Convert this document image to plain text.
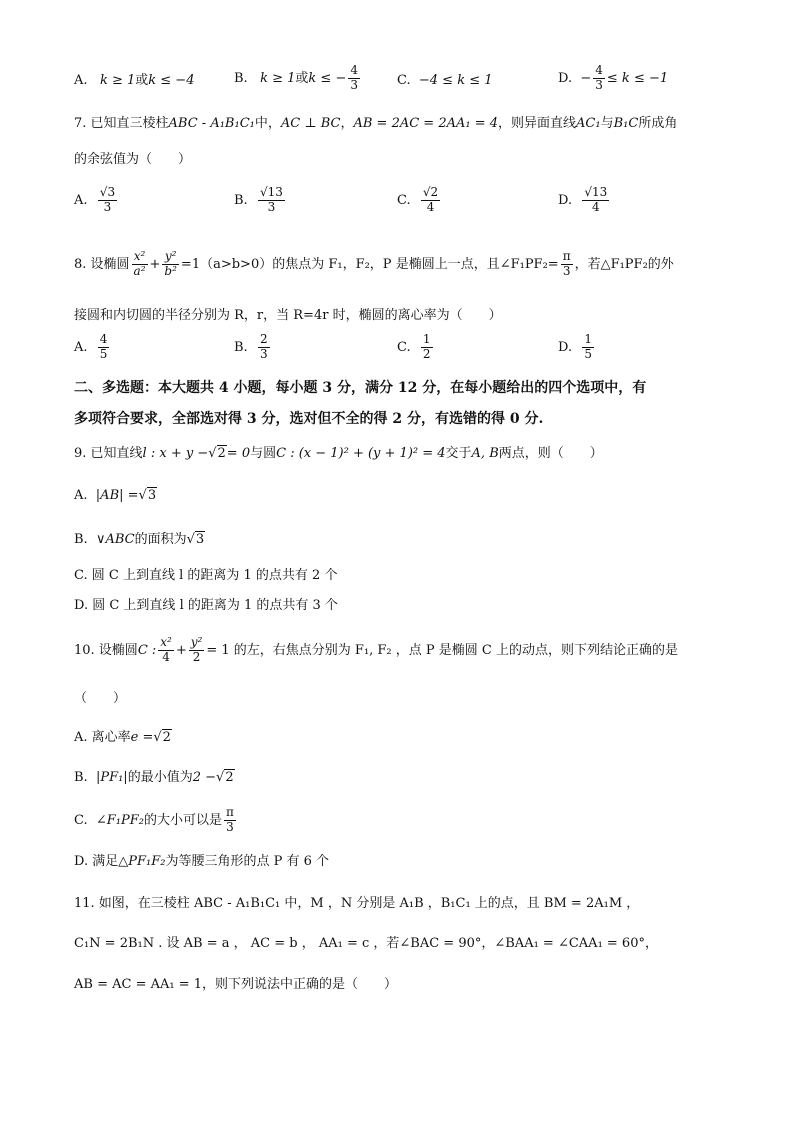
A. k ≥ 1或k ≤ −4	B. k ≥ 1或k ≤ − $\frac{4}{3}$	C. −4 ≤ k ≤ 1	D. − $\frac{4}{3} \le k \le -1$
7. 已知直三棱柱ABC - A₁B₁C₁中，AC ⊥ BC，AB = 2AC = 2AA₁ = 4，则异面直线AC₁与B₁C所成角
的余弦值为（　　）
A. $\frac{√3}{3}$	B. $\frac{√13}{3}$	C. $\frac{√2}{4}$	D. $\frac{√13}{4}$
8. 设椭圆 $\frac{\text{x²}}{\text{a²}} + \frac{\text{y²}}{\text{b²}} =1(a>b>0)$的焦点为 F₁，F₂，P 是椭圆上一点，且∠F₁PF₂= $\frac{\pi}{3}$ ，若△F₁PF₂的外
接圆和内切圆的半径分别为 R，r，当 R=4r 时，椭圆的离心率为（　　）
A. $\frac{4}{5}$	B. $\frac{2}{3}$	C. $\frac{1}{2}$	D. $\frac{1}{5}$
二、多选题：本大题共 4 小题，每小题 3 分，满分 12 分，在每小题给出的四个选项中，有
多项符合要求，全部选对得 3 分，选对但不全的得 2 分，有选错的得 0 分.
9. 已知直线l : x + y −√2= 0与圆C : (x − 1)² + (y + 1)² = 4交于A, B两点，则（　　）
A. |AB| =√3
B. ∨ABC的面积为√3
C. 圆 C 上到直线 l 的距离为 1 的点共有 2 个
D. 圆 C 上到直线 l 的距离为 1 的点共有 3 个
10. 设椭圆C : $\frac{\text{x²}}{4} + \frac{\text{y²}}{2} = 1$ 的左，右焦点分别为 F₁, F₂ ，点 P 是椭圆 C 上的动点，则下列结论正确的是
（　　）
A. 离心率e =√2
B. |PF₁|的最小值为2 −√2
C. ∠F₁PF₂的大小可以是 $\frac{\pi}{3}$
D. 满足△PF₁F₂为等腰三角形的点 P 有 6 个
11. 如图，在三棱柱 ABC - A₁B₁C₁ 中，M ，N 分别是 A₁B ，B₁C₁ 上的点，且 BM = 2A₁M ，
C₁N = 2B₁N . 设 AB = a ， AC = b ， AA₁ = c ，若∠BAC = 90°，∠BAA₁ = ∠CAA₁ = 60°，
AB = AC = AA₁ = 1，则下列说法中正确的是（　　）
